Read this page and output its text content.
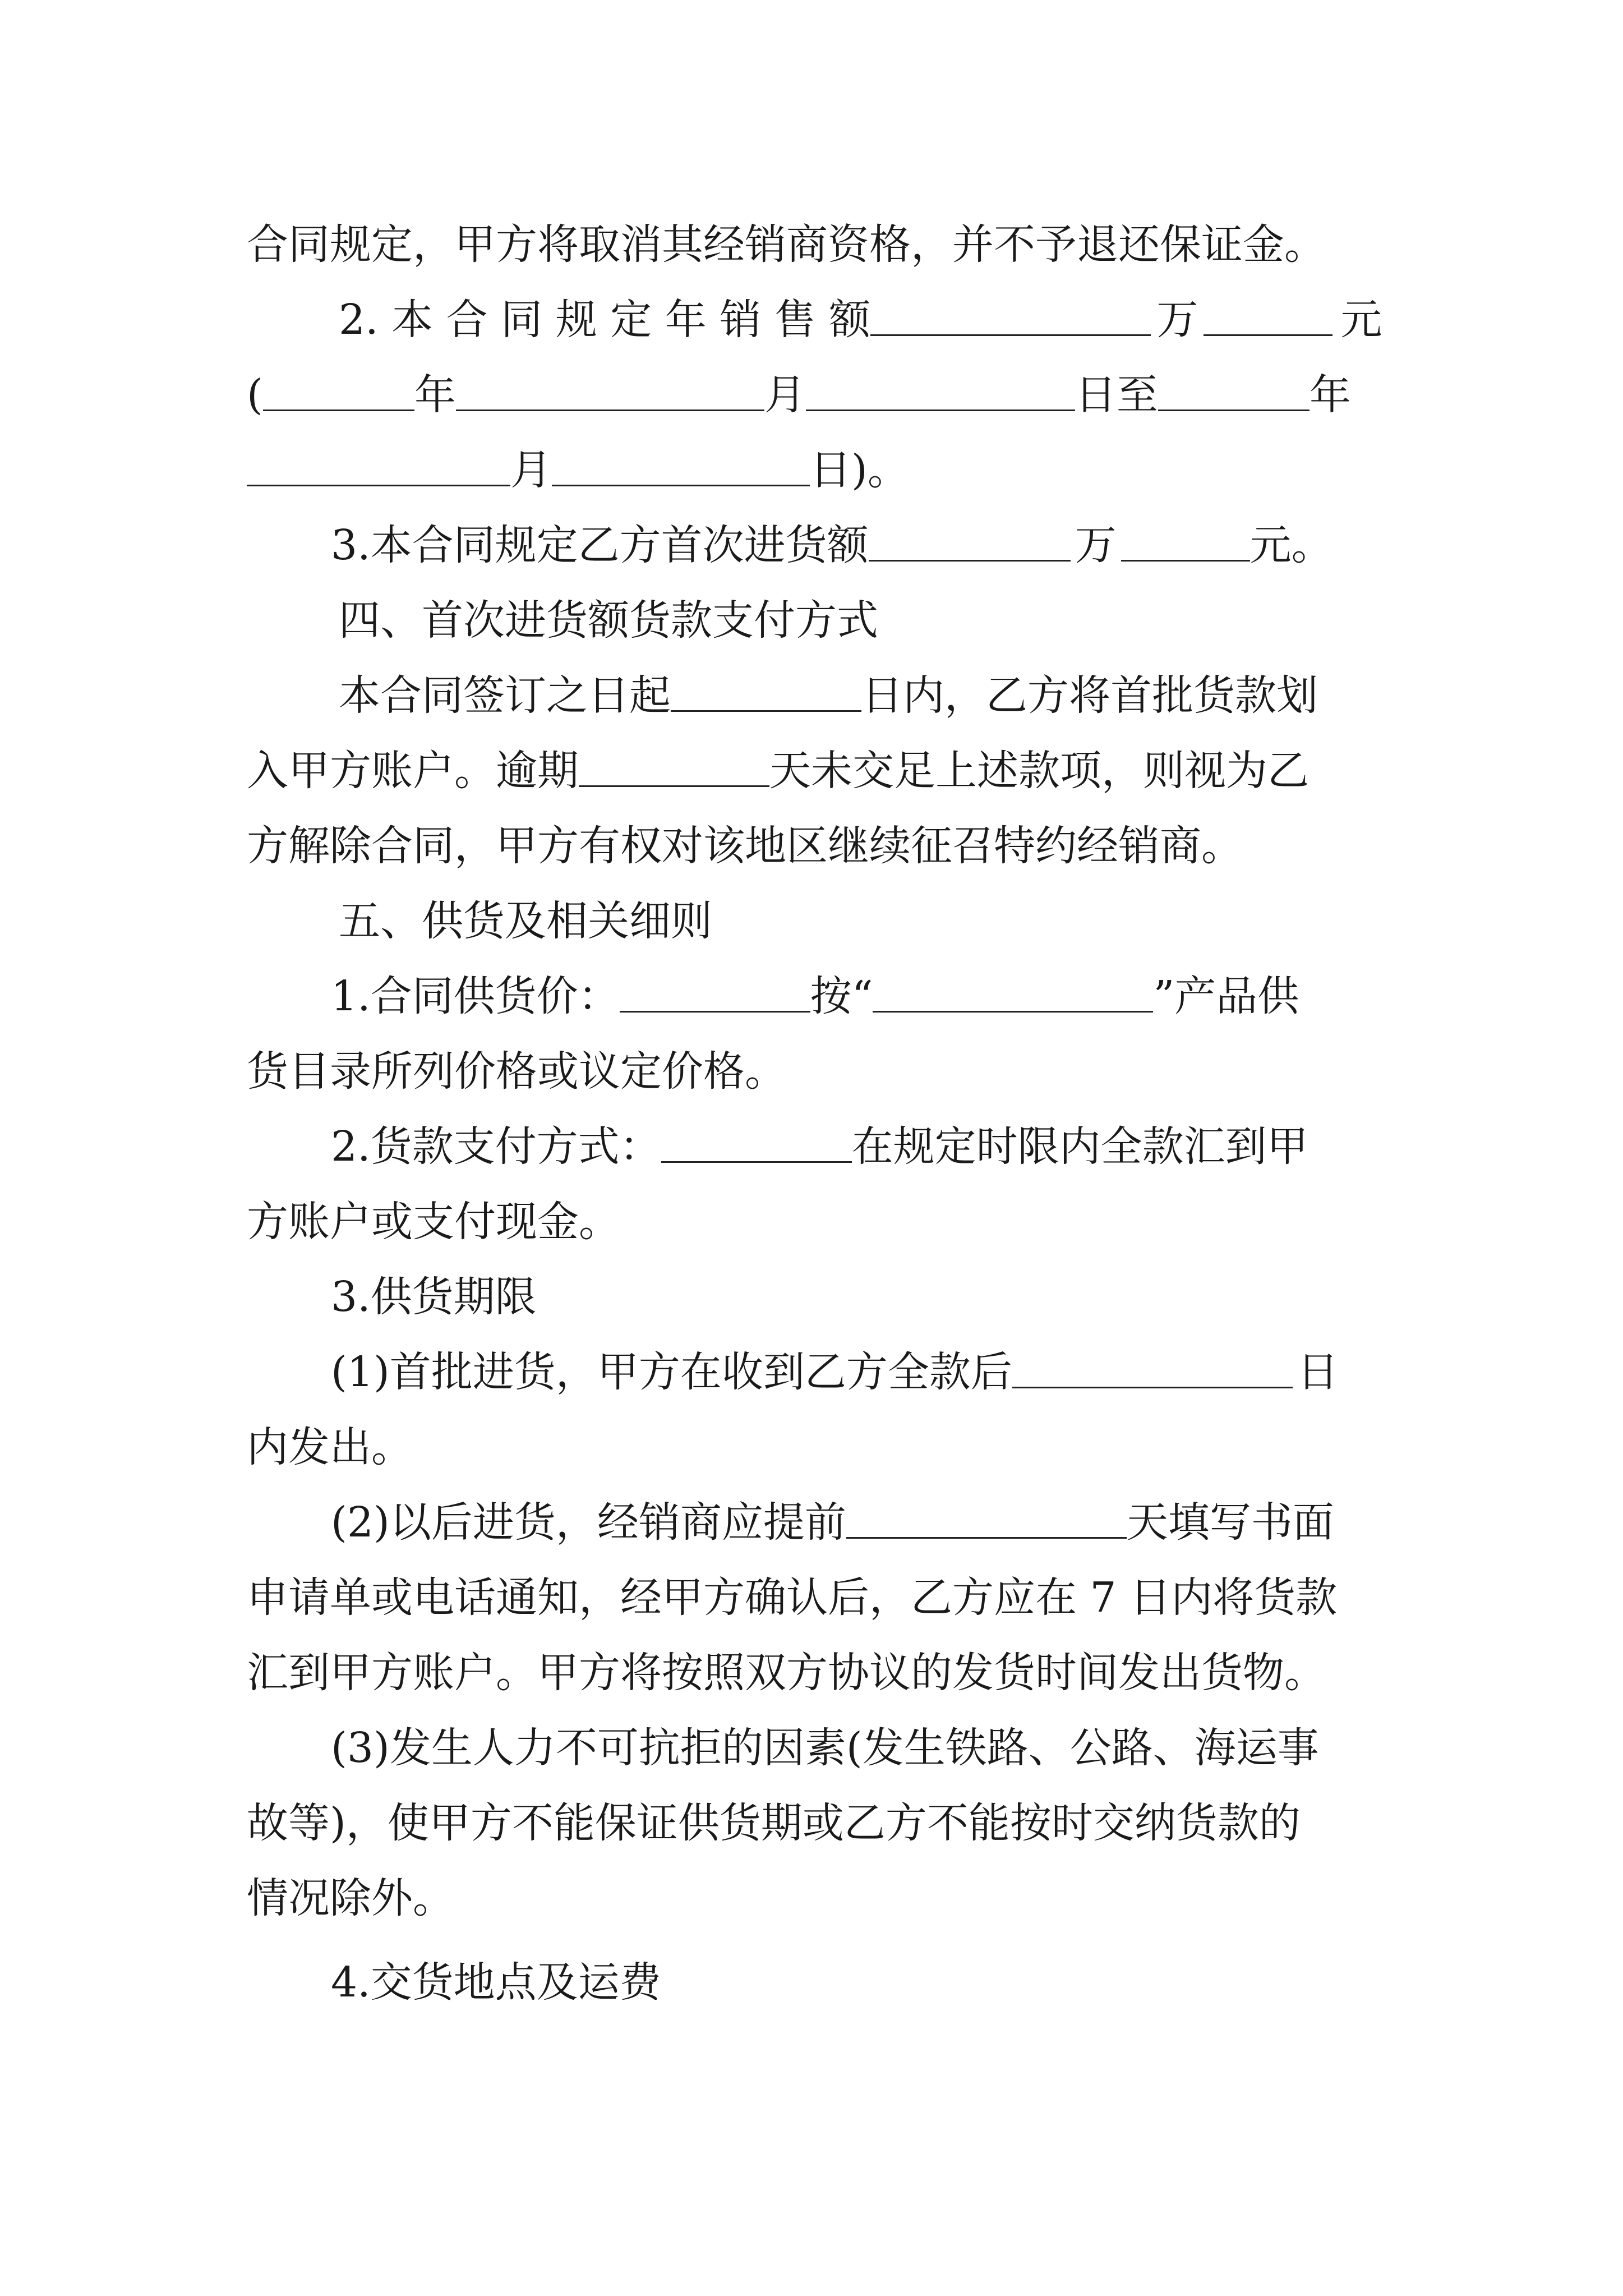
合同规定，甲方将取消其经销商资格，并不予退还保证金。
2. 本 合 同 规 定 年 销 售 额	万	元
(	年	月	日至	年
月	日)。
3.本合同规定乙方首次进货额	万	元。
四、首次进货额货款支付方式
本合同签订之日起	日内，乙方将首批货款划
入甲方账户。逾期	天未交足上述款项，则视为乙
方解除合同，甲方有权对该地区继续征召特约经销商。
五、供货及相关细则
1.合同供货价：	按“	”产品供
货目录所列价格或议定价格。
2.货款支付方式：	在规定时限内全款汇到甲
方账户或支付现金。
3.供货期限
(1)首批进货，甲方在收到乙方全款后	日
内发出。
(2)以后进货，经销商应提前	天填写书面
申请单或电话通知，经甲方确认后，乙方应在 7 日内将货款
汇到甲方账户。甲方将按照双方协议的发货时间发出货物。
(3)发生人力不可抗拒的因素(发生铁路、公路、海运事
故等)，使甲方不能保证供货期或乙方不能按时交纳货款的
情况除外。
4.交货地点及运费
